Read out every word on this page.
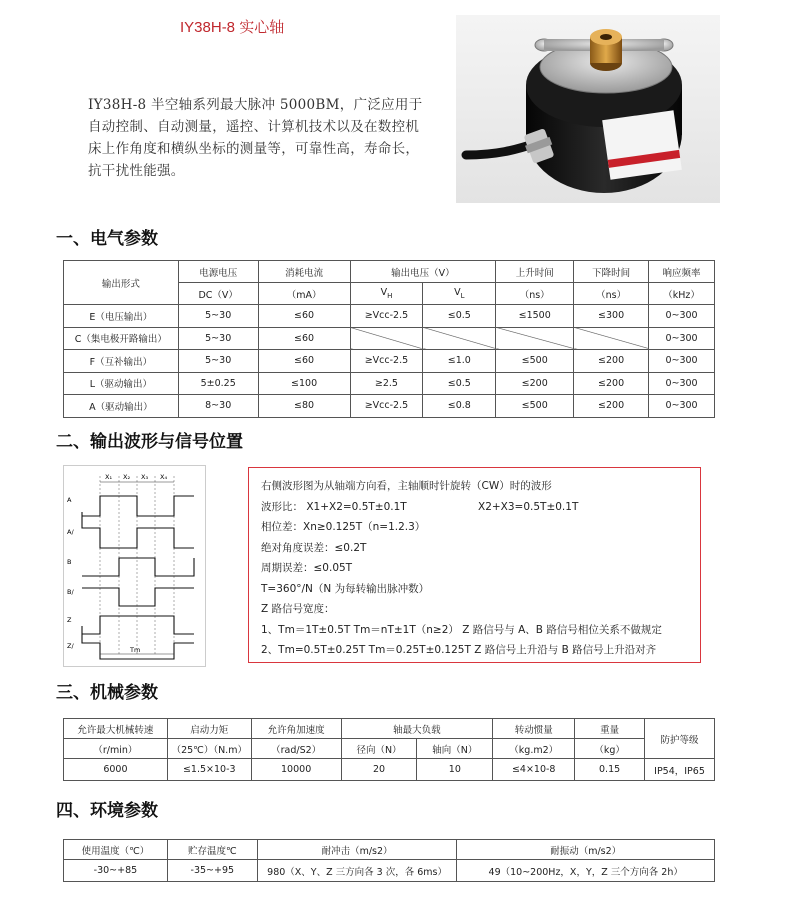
IY38H-8 实心轴
IY38H-8 半空轴系列最大脉冲 5000BM，广泛应用于自动控制、自动测量，遥控、计算机技术以及在数控机床上作角度和横纵坐标的测量等，可靠性高，寿命长，抗干扰性能强。
一、电气参数
输出形式	电源电压	消耗电流	输出电压（V）		上升时间	下降时间	响应频率
	DC（V）	（mA）	$V_H$	$V_L$	（ns）	（ns）	（kHz）
E（电压输出）	5~30	≤60	≥Vcc-2.5	≤0.5	≤1500	≤300	0~300
C（集电极开路输出）	5~30	≤60					0~300
F（互补输出）	5~30	≤60	≥Vcc-2.5	≤1.0	≤500	≤200	0~300
L（驱动输出）	5±0.25	≤100	≥2.5	≤0.5	≤200	≤200	0~300
A（驱动输出）	8~30	≤80	≥Vcc-2.5	≤0.8	≤500	≤200	0~300
二、输出波形与信号位置
X₁ X₂ X₃ X₄
A
A/
B
B/
Z
Z/	Tm
右侧波形图为从轴端方向看，主轴顺时针旋转（CW）时的波形
波形比： X1+X2=0.5T±0.1T	X2+X3=0.5T±0.1T
相位差：Xn≥0.125T（n=1.2.3）
绝对角度误差：≤0.2T
周期误差：≤0.05T
T=360°/N（N 为每转输出脉冲数）
Z 路信号宽度：
1、Tm＝1T±0.5T Tm＝nT±1T（n≥2） Z 路信号与 A、B 路信号相位关系不做规定
2、Tm=0.5T±0.25T Tm＝0.25T±0.125T Z 路信号上升沿与 B 路信号上升沿对齐
三、机械参数
允许最大机械转速	启动力矩	允许角加速度	轴最大负载		转动惯量	重量	防护等级
（r/min）	（25℃）（N.m）	（rad/S2）	径向（N）	轴向（N）	（kg.m2）	（kg）	
6000	≤1.5×10-3	10000	20	10	≤4×10-8	0.15	IP54，IP65
四、环境参数
使用温度（℃）	贮存温度℃	耐冲击（m/s2）	耐振动（m/s2）
-30~+85	-35~+95	980（X、Y、Z 三方向各 3 次，各 6ms）	49（10~200Hz，X，Y，Z 三个方向各 2h）
